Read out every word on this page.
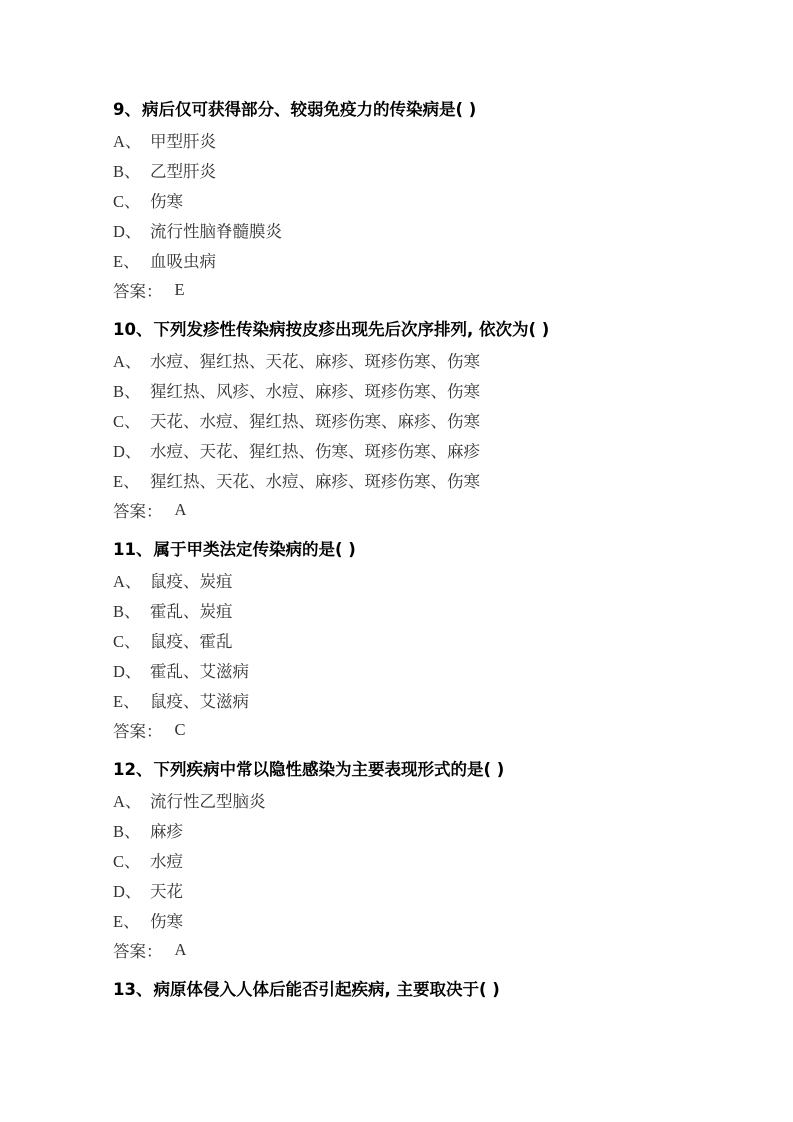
9、 病后仅可获得部分、较弱免疫力的传染病是( )
A、 甲型肝炎
B、 乙型肝炎
C、 伤寒
D、 流行性脑脊髓膜炎
E、 血吸虫病
答案： E
10、 下列发疹性传染病按皮疹出现先后次序排列, 依次为( )
A、 水痘、猩红热、天花、麻疹、斑疹伤寒、伤寒
B、 猩红热、风疹、水痘、麻疹、斑疹伤寒、伤寒
C、 天花、水痘、猩红热、斑疹伤寒、麻疹、伤寒
D、 水痘、天花、猩红热、伤寒、斑疹伤寒、麻疹
E、 猩红热、天花、水痘、麻疹、斑疹伤寒、伤寒
答案： A
11、 属于甲类法定传染病的是( )
A、 鼠疫、炭疽
B、 霍乱、炭疽
C、 鼠疫、霍乱
D、 霍乱、艾滋病
E、 鼠疫、艾滋病
答案： C
12、 下列疾病中常以隐性感染为主要表现形式的是( )
A、 流行性乙型脑炎
B、 麻疹
C、 水痘
D、 天花
E、 伤寒
答案： A
13、 病原体侵入人体后能否引起疾病, 主要取决于( )
